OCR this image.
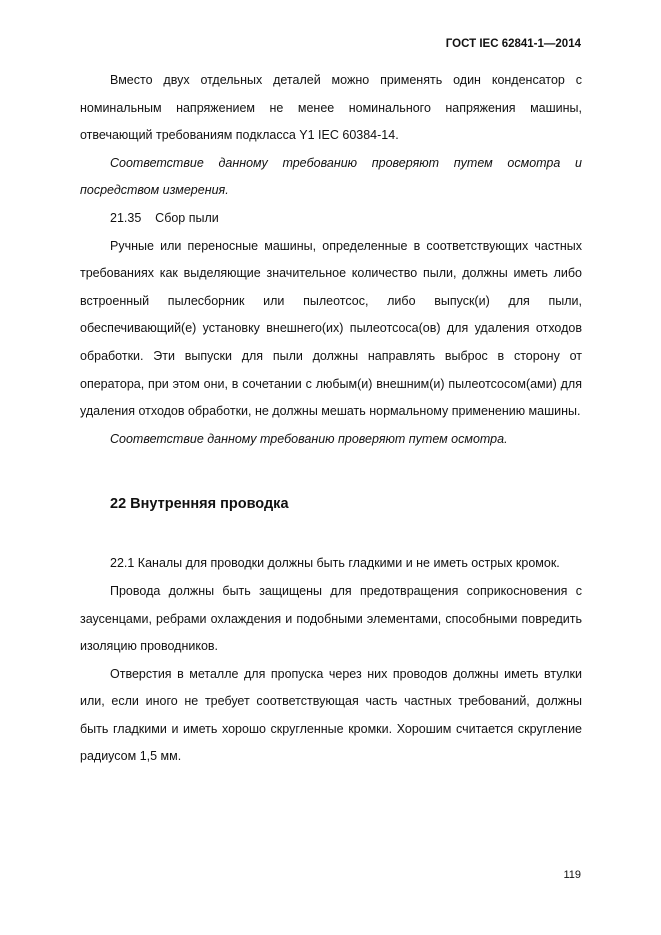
ГОСТ IEC 62841-1—2014

Вместо двух отдельных деталей можно применять один конденсатор с номинальным напряжением не менее номинального напряжения машины, отвечающий требованиям подкласса Y1 IEC 60384-14.

Соответствие данному требованию проверяют путем осмотра и посредством измерения.

21.35    Сбор пыли

Ручные или переносные машины, определенные в соответствующих частных требованиях как выделяющие значительное количество пыли, должны иметь либо встроенный пылесборник или пылеотсос, либо выпуск(и) для пыли, обеспечивающий(е) установку внешнего(их) пылеотсоса(ов) для удаления отходов обработки. Эти выпуски для пыли должны направлять выброс в сторону от оператора, при этом они, в сочетании с любым(и) внешним(и) пылеотсосом(ами) для удаления отходов обработки, не должны мешать нормальному применению машины.

Соответствие данному требованию проверяют путем осмотра.

22 Внутренняя проводка

22.1 Каналы для проводки должны быть гладкими и не иметь острых кромок.

Провода должны быть защищены для предотвращения соприкосновения с заусенцами, ребрами охлаждения и подобными элементами, способными повредить изоляцию проводников.

Отверстия в металле для пропуска через них проводов должны иметь втулки или, если иного не требует соответствующая часть частных требований, должны быть гладкими и иметь хорошо скругленные кромки. Хорошим считается скругление радиусом 1,5 мм.

119
